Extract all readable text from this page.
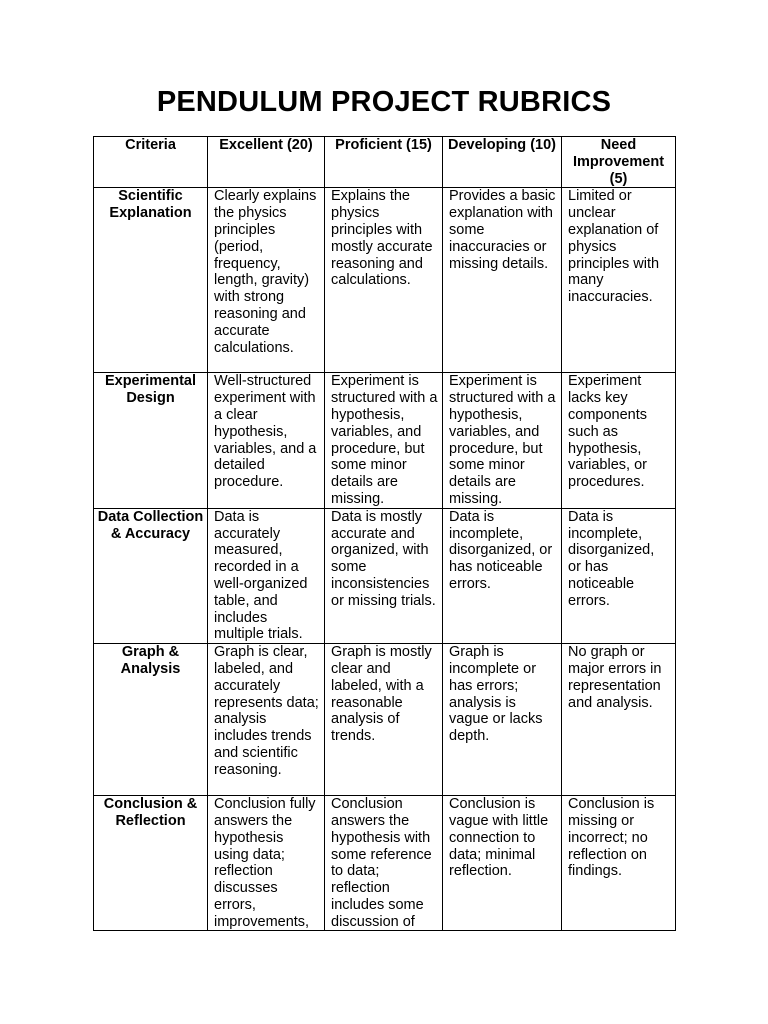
PENDULUM PROJECT RUBRICS
Criteria	Excellent (20)	Proficient (15)	Developing (10)	Need Improvement (5)
Scientific Explanation	Clearly explains the physics principles (period, frequency, length, gravity) with strong reasoning and accurate calculations.	Explains the physics principles with mostly accurate reasoning and calculations.	Provides a basic explanation with some inaccuracies or missing details.	Limited or unclear explanation of physics principles with many inaccuracies.
Experimental Design	Well-structured experiment with a clear hypothesis, variables, and a detailed procedure.	Experiment is structured with a hypothesis, variables, and procedure, but some minor details are missing.	Experiment is structured with a hypothesis, variables, and procedure, but some minor details are missing.	Experiment lacks key components such as hypothesis, variables, or procedures.
Data Collection & Accuracy	Data is accurately measured, recorded in a well-organized table, and includes multiple trials.	Data is mostly accurate and organized, with some inconsistencies or missing trials.	Data is incomplete, disorganized, or has noticeable errors.	Data is incomplete, disorganized, or has noticeable errors.
Graph & Analysis	Graph is clear, labeled, and accurately represents data; analysis includes trends and scientific reasoning.	Graph is mostly clear and labeled, with a reasonable analysis of trends.	Graph is incomplete or has errors; analysis is vague or lacks depth.	No graph or major errors in representation and analysis.
Conclusion & Reflection	Conclusion fully answers the hypothesis using data; reflection discusses errors, improvements,	Conclusion answers the hypothesis with some reference to data; reflection includes some discussion of	Conclusion is vague with little connection to data; minimal reflection.	Conclusion is missing or incorrect; no reflection on findings.
